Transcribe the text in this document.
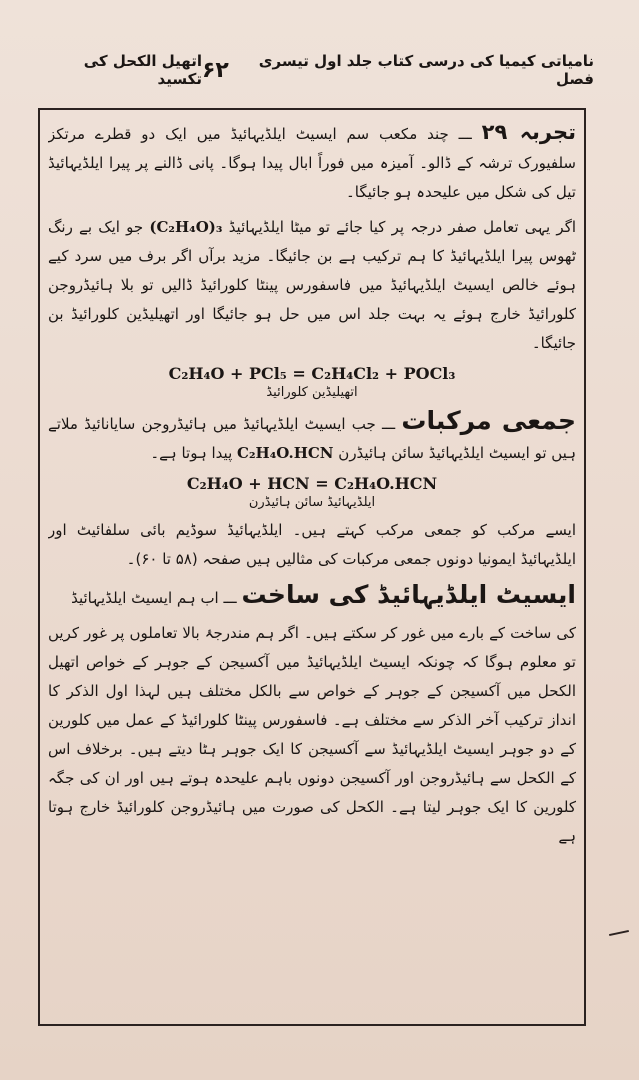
نامیاتی کیمیا کی درسی کتاب جلد اول تیسری فصل
۶۲
اتھیل الکحل کی تکسید

تجربہ ۲۹ ـــ چند مکعب سم ایسیٹ ایلڈیہائیڈ میں ایک دو قطرے مرتکز سلفیورک ترشہ کے ڈالو۔ آمیزہ میں فوراً ابال پیدا ہوگا۔ پانی ڈالنے پر پیرا ایلڈیہائیڈ تیل کی شکل میں علیحدہ ہو جائیگا۔

اگر یہی تعامل صفر درجہ پر کیا جائے تو میٹا ایلڈیہائیڈ (C₂H₄O)₃ جو ایک بے رنگ ٹھوس پیرا ایلڈیہائیڈ کا ہم ترکیب ہے بن جائیگا۔ مزید برآں اگر برف میں سرد کیے ہوئے خالص ایسیٹ ایلڈیہائیڈ میں فاسفورس پینٹا کلورائیڈ ڈالیں تو بلا ہائیڈروجن کلورائیڈ خارج ہوئے یہ بہت جلد اس میں حل ہو جائیگا اور اتھیلیڈین کلورائیڈ بن جائیگا۔

C₂H₄O + PCl₅ = C₂H₄Cl₂ + POCl₃
اتھیلیڈین کلورائیڈ

جمعی مرکبات ـــ جب ایسیٹ ایلڈیہائیڈ میں ہائیڈروجن سایانائیڈ ملاتے ہیں تو ایسیٹ ایلڈیہائیڈ سائن ہائیڈرن C₂H₄O.HCN پیدا ہوتا ہے۔

C₂H₄O + HCN = C₂H₄O.HCN
ایلڈیہائیڈ سائن ہائیڈرن

ایسے مرکب کو جمعی مرکب کہتے ہیں۔ ایلڈیہائیڈ سوڈیم بائی سلفائیٹ اور ایلڈیہائیڈ ایمونیا دونوں جمعی مرکبات کی مثالیں ہیں صفحہ (۵۸ تا ۶۰)۔

ایسیٹ ایلڈیہائیڈ کی ساخت ـــ اب ہم ایسیٹ ایلڈیہائیڈ

کی ساخت کے بارے میں غور کر سکتے ہیں۔ اگر ہم مندرجۂ بالا تعاملوں پر غور کریں تو معلوم ہوگا کہ چونکہ ایسیٹ ایلڈیہائیڈ میں آکسیجن کے جوہر کے خواص اتھیل الکحل میں آکسیجن کے جوہر کے خواص سے بالکل مختلف ہیں لہذا اول الذکر کا انداز ترکیب آخر الذکر سے مختلف ہے۔ فاسفورس پینٹا کلورائیڈ کے عمل میں کلورین کے دو جوہر ایسیٹ ایلڈیہائیڈ سے آکسیجن کا ایک جوہر ہٹا دیتے ہیں۔ برخلاف اس کے الکحل سے ہائیڈروجن اور آکسیجن دونوں باہم علیحدہ ہوتے ہیں اور ان کی جگہ کلورین کا ایک جوہر لیتا ہے۔ الکحل کی صورت میں ہائیڈروجن کلورائیڈ خارج ہوتا ہے
